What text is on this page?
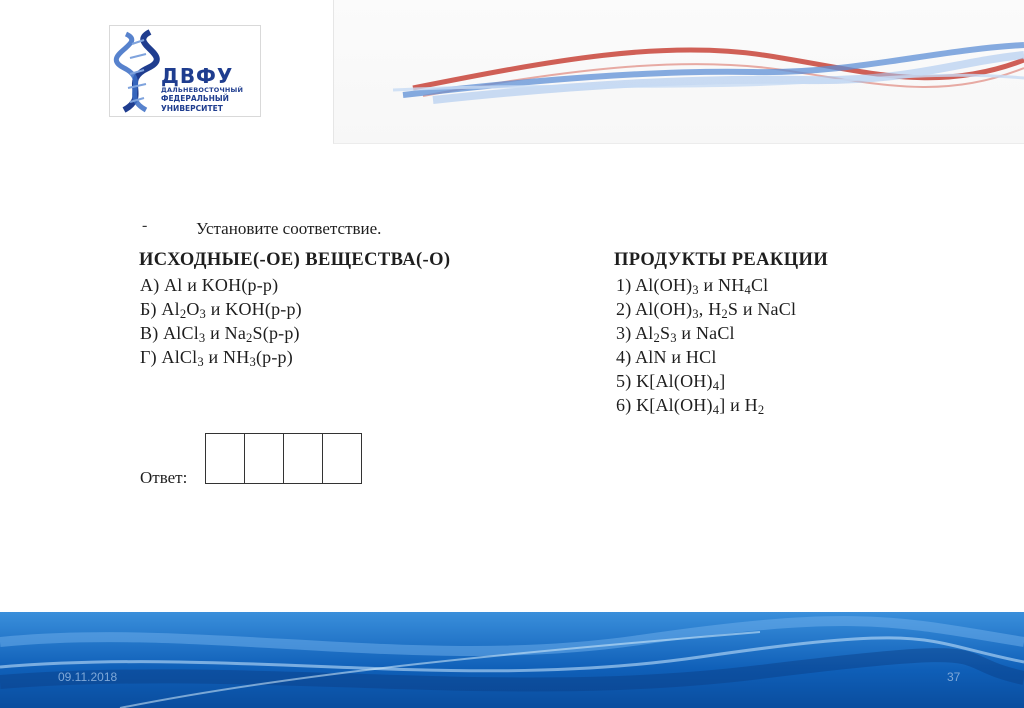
ДВФУ
ДАЛЬНЕВОСТОЧНЫЙ
ФЕДЕРАЛЬНЫЙ
УНИВЕРСИТЕТ
-	Установите соответствие.
ИСХОДНЫЕ(-ОЕ) ВЕЩЕСТВА(-О)
А) Al и KOH(р-р)
Б) $Al_2O_3$ и KOH(р-р)
В) AlCl$_3$ и $Na_2S(р-р)$
Г) AlCl$_3$ и $NH_3(р-р)$
ПРОДУКТЫ РЕАКЦИИ
1) $Al(OH)_3$ и $NH_4Cl$
2) $Al(OH)_3$, $H_2S$ и NaCl
3) $Al_2S_3$ и NaCl
4) AlN и HCl
5) $K[Al(OH)_4]$
6) $K[Al(OH)_4]$ и $H_2$
Ответ:
09.11.2018	37
